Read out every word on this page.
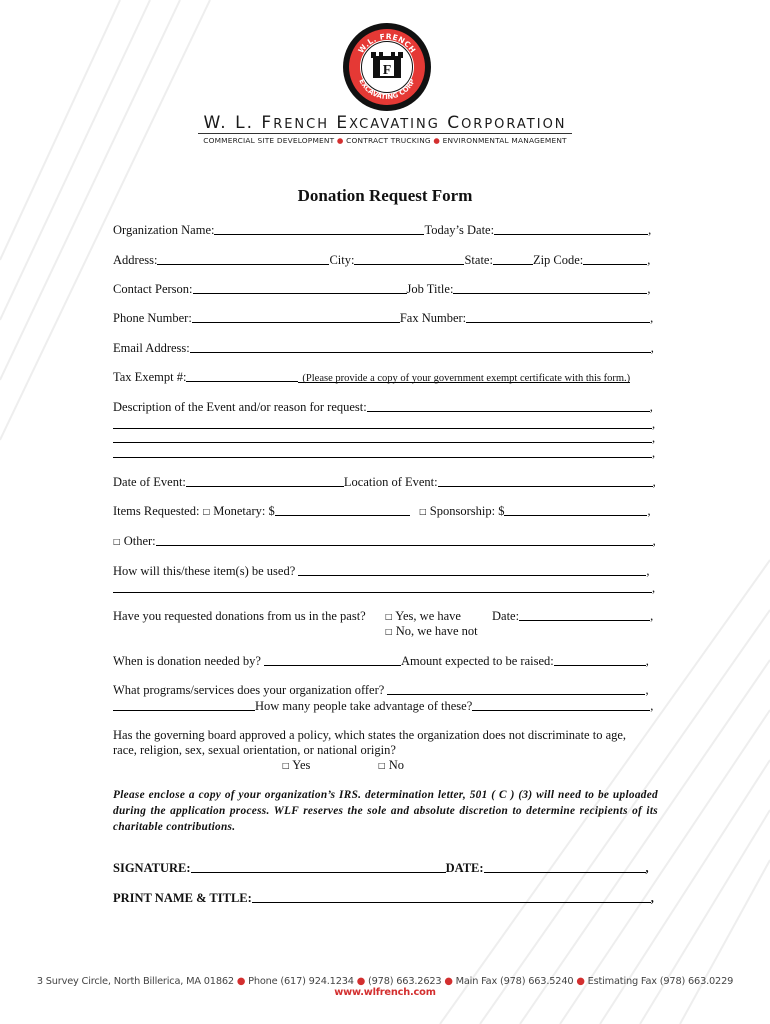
W.L. FRENCH
EXCAVATING CORP
F
W. L. FRENCH EXCAVATING CORPORATION
COMMERCIAL SITE DEVELOPMENT ● CONTRACT TRUCKING ● ENVIRONMENTAL MANAGEMENT
Donation Request Form
Organization Name:	Today’s Date:	,
Address:	City:	State:	Zip Code:	,
Contact Person:	Job Title:	,
Phone Number:	Fax Number:	,
Email Address:	,
Tax Exempt #:	(Please provide a copy of your government exempt certificate with this form.)
Description of the Event and/or reason for request:	,
,
,
,
Date of Event:	Location of Event:	,
Items Requested: □ Monetary: $	□ Sponsorship: $	,
□ Other:	,
How will this/these item(s) be used?	,
,
Have you requested donations from us in the past? □ Yes, we have Date:	,
□ No, we have not
When is donation needed by?	Amount expected to be raised:	,
What programs/services does your organization offer?	,
How many people take advantage of these?	,
Has the governing board approved a policy, which states the organization does not discriminate to age,
race, religion, sex, sexual orientation, or national origin?
□ Yes	□ No
Please enclose a copy of your organization’s IRS. determination letter, 501 ( C ) (3) will need to be uploaded during the application process. WLF reserves the sole and absolute discretion to determine recipients of its charitable contributions.
SIGNATURE:	DATE:	,
PRINT NAME & TITLE:	,
3 Survey Circle, North Billerica, MA 01862 ● Phone (617) 924.1234 ● (978) 663.2623 ● Main Fax (978) 663.5240 ● Estimating Fax (978) 663.0229 www.wlfrench.com
